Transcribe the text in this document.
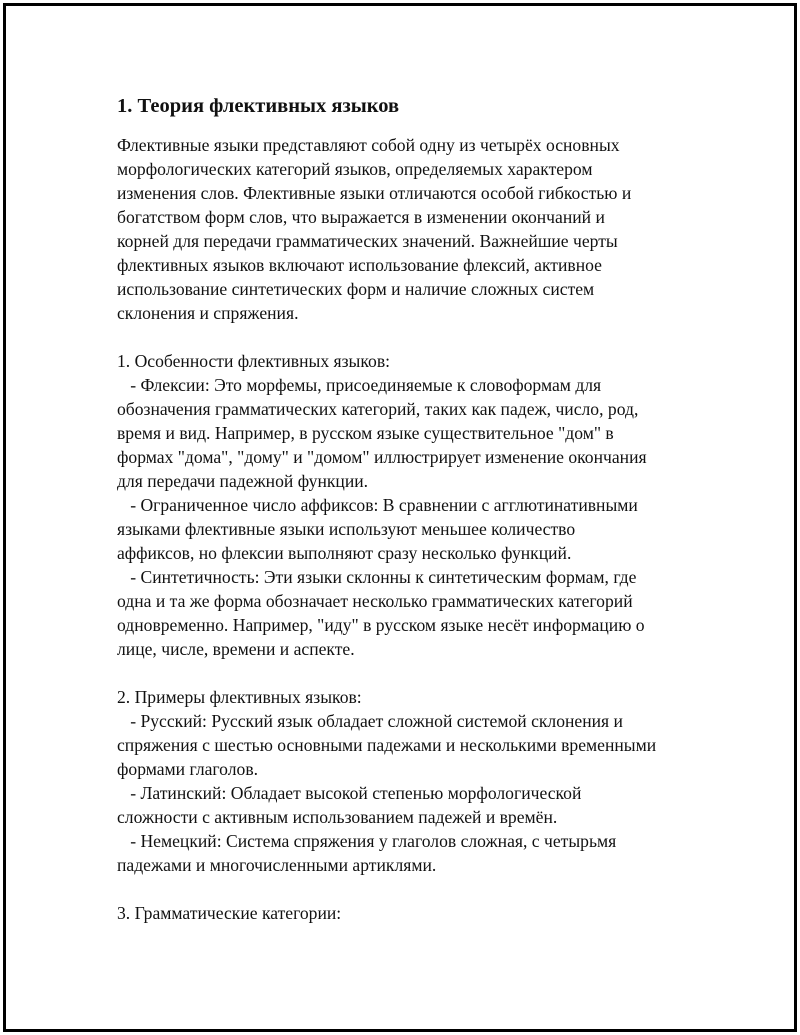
1. Теория флективных языков
Флективные языки представляют собой одну из четырёх основных
морфологических категорий языков, определяемых характером
изменения слов. Флективные языки отличаются особой гибкостью и
богатством форм слов, что выражается в изменении окончаний и
корней для передачи грамматических значений. Важнейшие черты
флективных языков включают использование флексий, активное
использование синтетических форм и наличие сложных систем
склонения и спряжения.
1. Особенности флективных языков:
- Флексии: Это морфемы, присоединяемые к словоформам для
обозначения грамматических категорий, таких как падеж, число, род,
время и вид. Например, в русском языке существительное "дом" в
формах "дома", "дому" и "домом" иллюстрирует изменение окончания
для передачи падежной функции.
- Ограниченное число аффиксов: В сравнении с агглютинативными
языками флективные языки используют меньшее количество
аффиксов, но флексии выполняют сразу несколько функций.
- Синтетичность: Эти языки склонны к синтетическим формам, где
одна и та же форма обозначает несколько грамматических категорий
одновременно. Например, "иду" в русском языке несёт информацию о
лице, числе, времени и аспекте.
2. Примеры флективных языков:
- Русский: Русский язык обладает сложной системой склонения и
спряжения с шестью основными падежами и несколькими временными
формами глаголов.
- Латинский: Обладает высокой степенью морфологической
сложности с активным использованием падежей и времён.
- Немецкий: Система спряжения у глаголов сложная, с четырьмя
падежами и многочисленными артиклями.
3. Грамматические категории:
